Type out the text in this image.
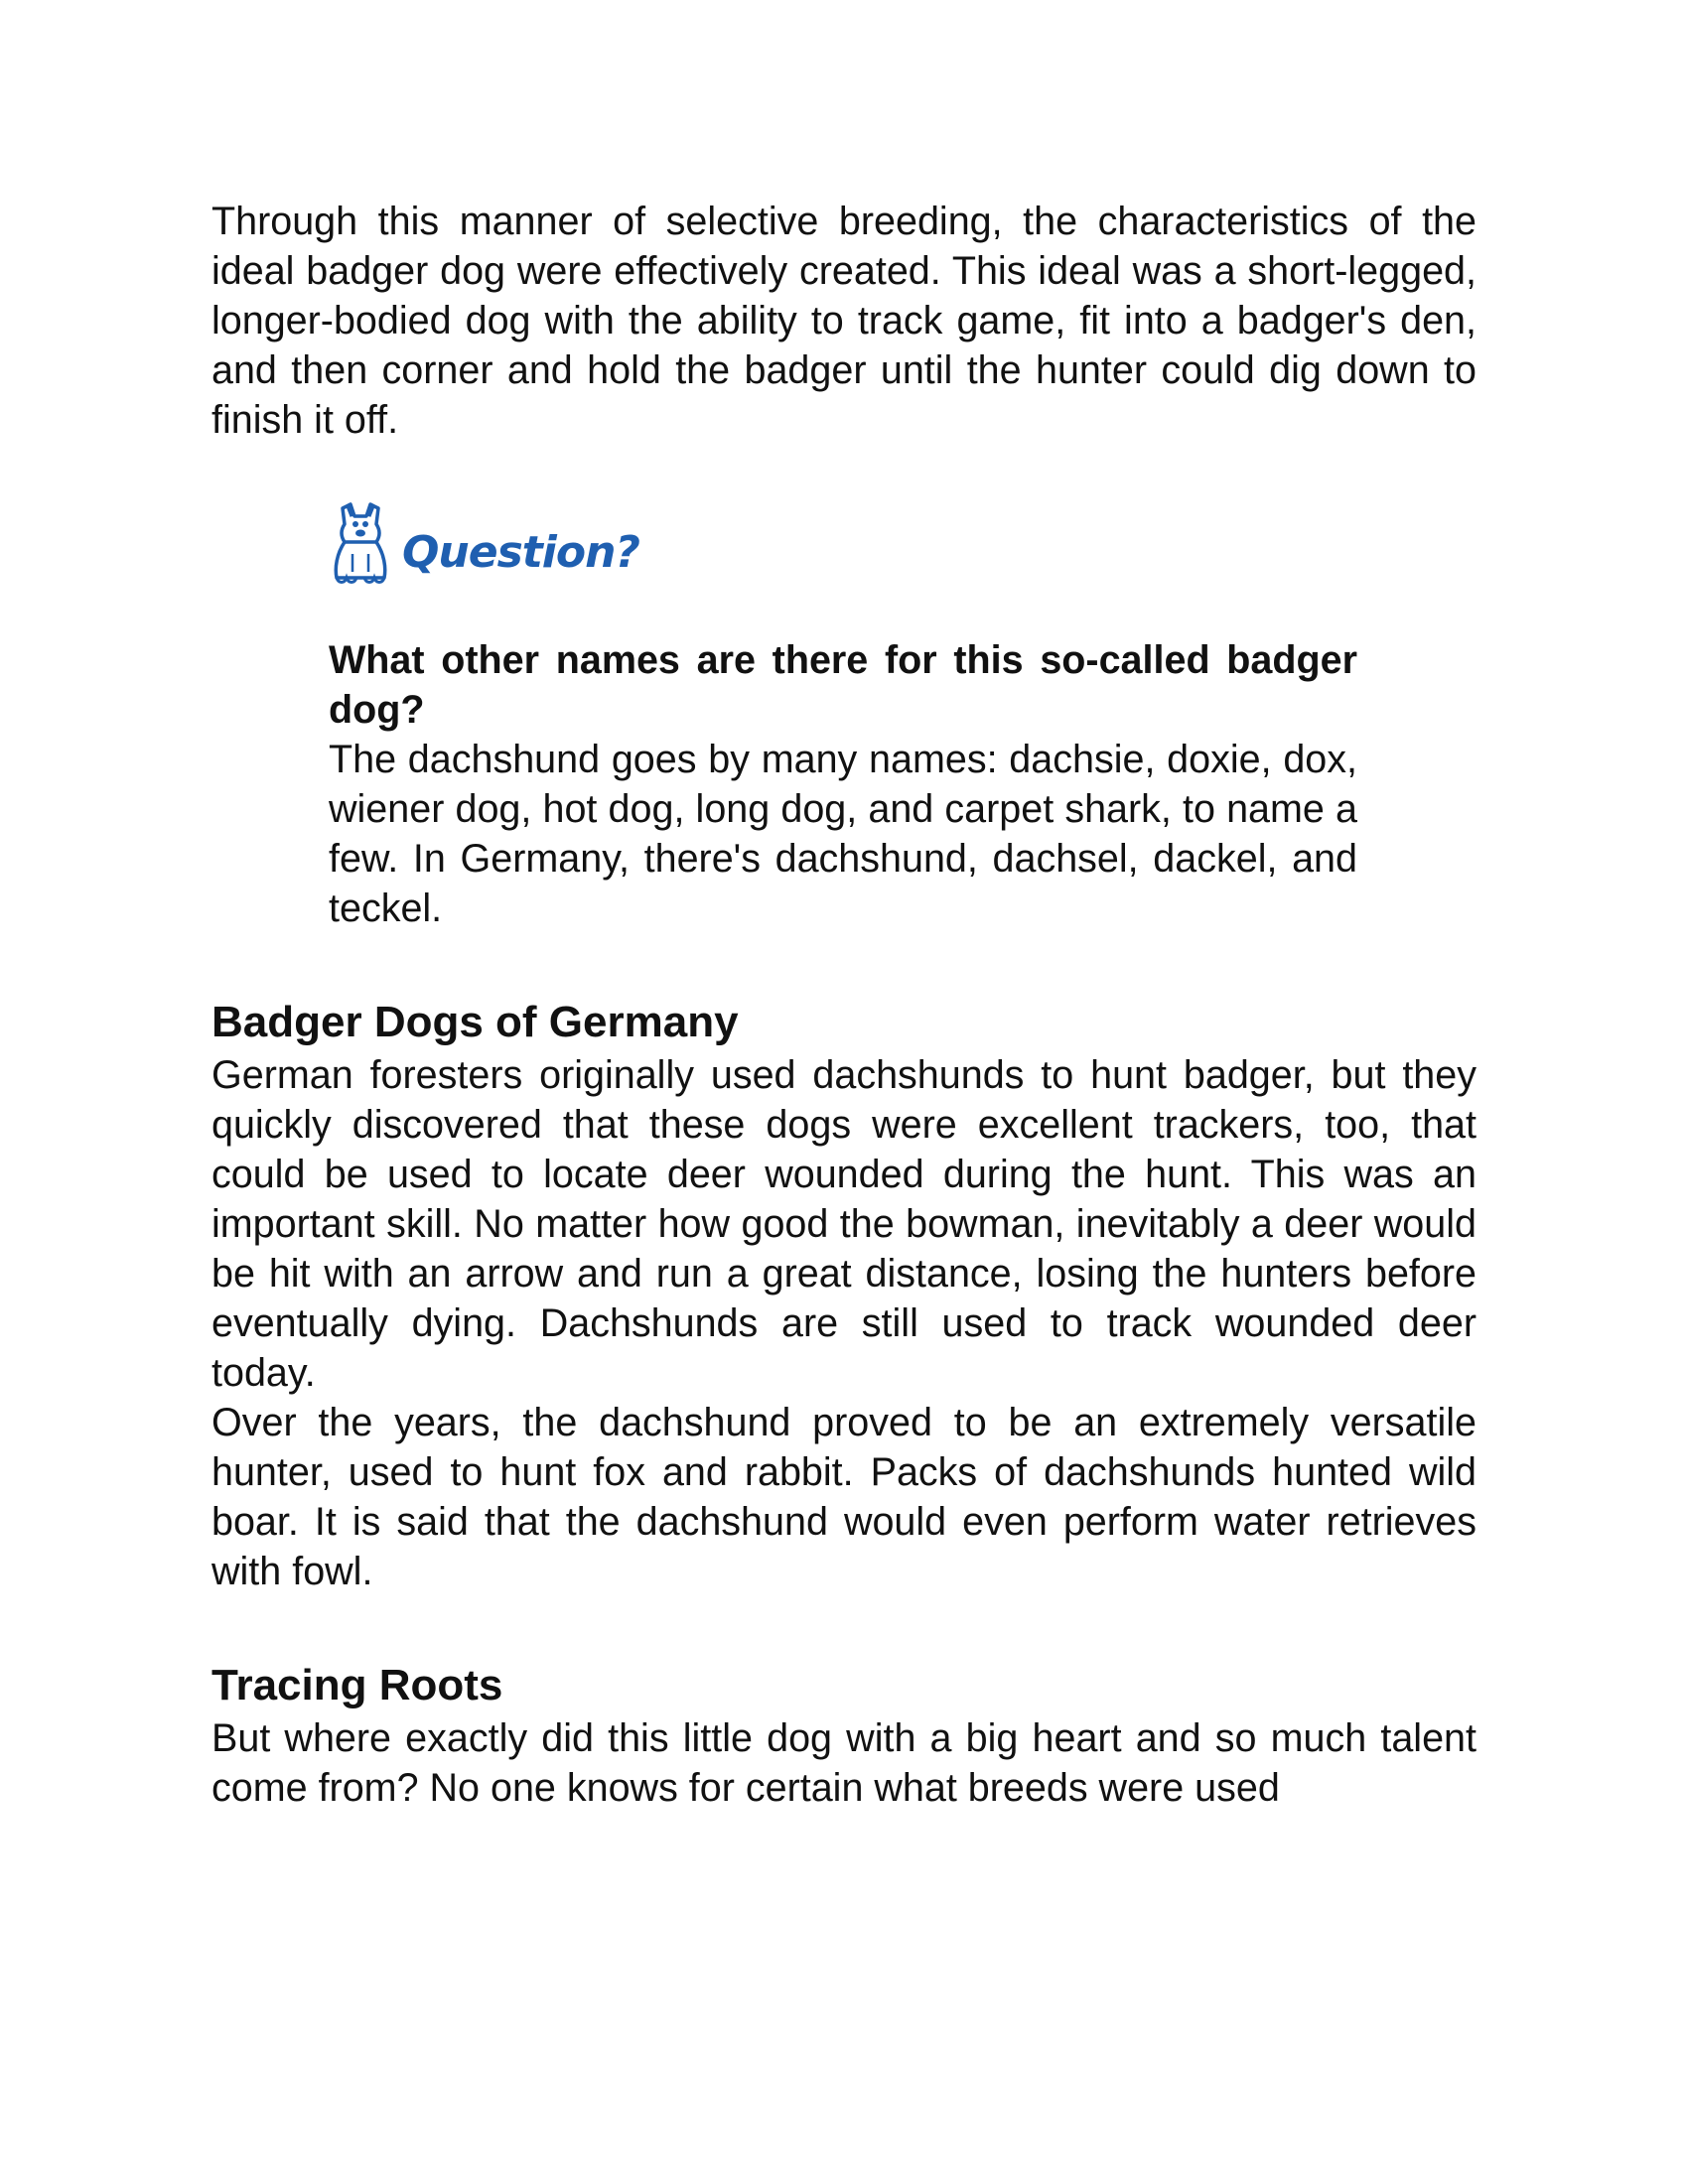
Through this manner of selective breeding, the characteristics of the ideal badger dog were effectively created. This ideal was a short-legged, longer-bodied dog with the ability to track game, fit into a badger's den, and then corner and hold the badger until the hunter could dig down to finish it off.

Question?

What other names are there for this so-called badger dog?

The dachshund goes by many names: dachsie, doxie, dox, wiener dog, hot dog, long dog, and carpet shark, to name a few. In Germany, there's dachshund, dachsel, dackel, and teckel.

Badger Dogs of Germany

German foresters originally used dachshunds to hunt badger, but they quickly discovered that these dogs were excellent trackers, too, that could be used to locate deer wounded during the hunt. This was an important skill. No matter how good the bowman, inevitably a deer would be hit with an arrow and run a great distance, losing the hunters before eventually dying. Dachshunds are still used to track wounded deer today.

Over the years, the dachshund proved to be an extremely versatile hunter, used to hunt fox and rabbit. Packs of dachshunds hunted wild boar. It is said that the dachshund would even perform water retrieves with fowl.

Tracing Roots

But where exactly did this little dog with a big heart and so much talent come from? No one knows for certain what breeds were used
